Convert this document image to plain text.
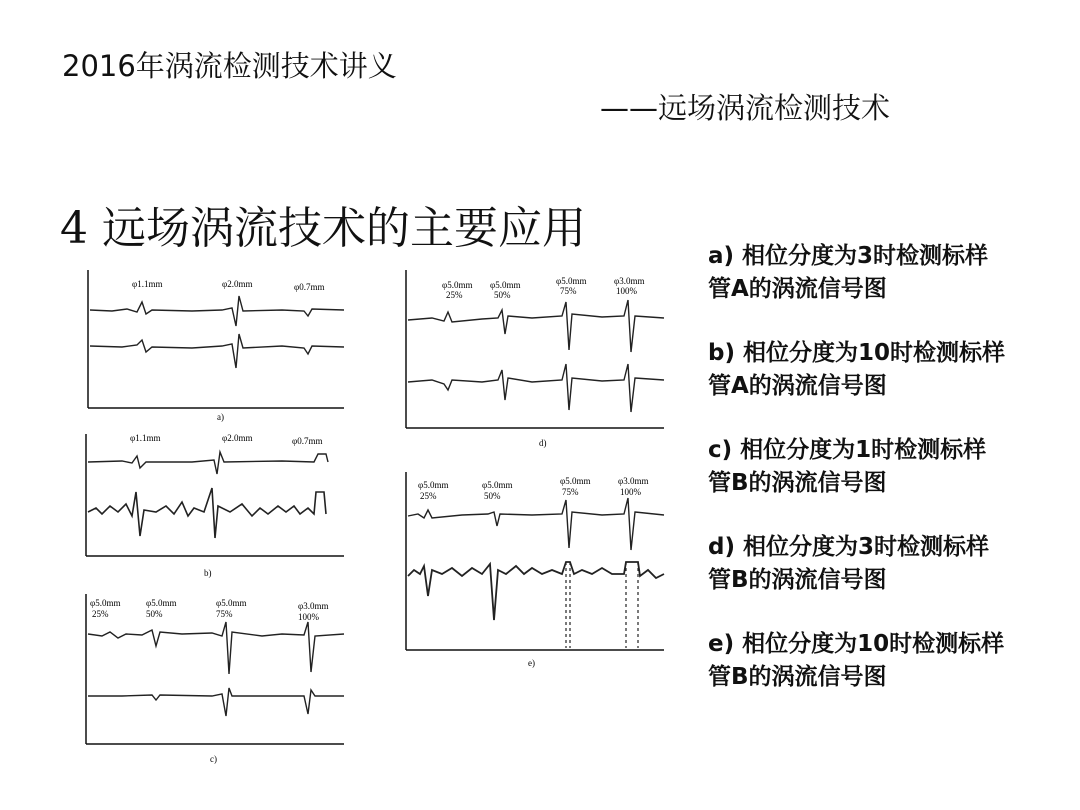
2016年涡流检测技术讲义
——远场涡流检测技术
4 远场涡流技术的主要应用
a) 相位分度为3时检测标样管A的涡流信号图
b) 相位分度为10时检测标样管A的涡流信号图
c) 相位分度为1时检测标样管B的涡流信号图
d) 相位分度为3时检测标样管B的涡流信号图
e) 相位分度为10时检测标样管B的涡流信号图
φ1.1mm	φ2.0mm	φ0.7mm
a)
φ1.1mm	φ2.0mm	φ0.7mm
b)
φ5.0mm	φ5.0mm	φ5.0mm	φ3.0mm
25%	50%	75%	100%
c)
φ5.0mm φ5.0mm	φ5.0mm	φ3.0mm
25%	50%	75%	100%
d)
φ5.0mm	φ5.0mm	φ5.0mm	φ3.0mm
25%	50%	75%	100%
e)
